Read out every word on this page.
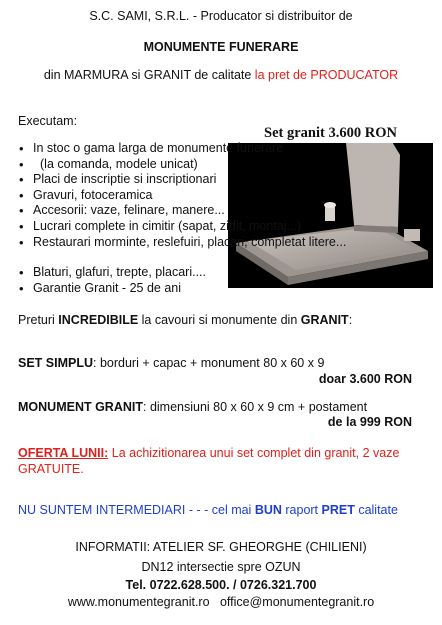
S.C. SAMI, S.R.L. - Producator si distribuitor de

MONUMENTE FUNERARE

din MARMURA si GRANIT de calitate la pret de PRODUCATOR

Set granit 3.600 RON

Executam:

• In stoc o gama larga de monumente funerare
• (la comanda, modele unicat)
• Placi de inscriptie si inscriptionari
• Gravuri, fotoceramica
• Accesorii: vaze, felinare, manere...
• Lucrari complete in cimitir (sapat, zidit, montaj...)
• Restaurari morminte, reslefuiri, placari, completat litere...
• Blaturi, glafuri, trepte, placari....
• Garantie Granit - 25 de ani

Preturi INCREDIBILE la cavouri si monumente din GRANIT:

SET SIMPLU: borduri + capac + monument 80 x 60 x 9

doar 3.600 RON

MONUMENT GRANIT: dimensiuni 80 x 60 x 9 cm + postament

de la 999 RON

OFERTA LUNII: La achizitionarea unui set complet din granit, 2 vaze

GRATUITE.

NU SUNTEM INTERMEDIARI - - - cel mai BUN raport PRET calitate

INFORMATII: ATELIER SF. GHEORGHE (CHILIENI)

DN12 intersectie spre OZUN

Tel. 0722.628.500. / 0726.321.700

www.monumentegranit.ro office@monumentegranit.ro
